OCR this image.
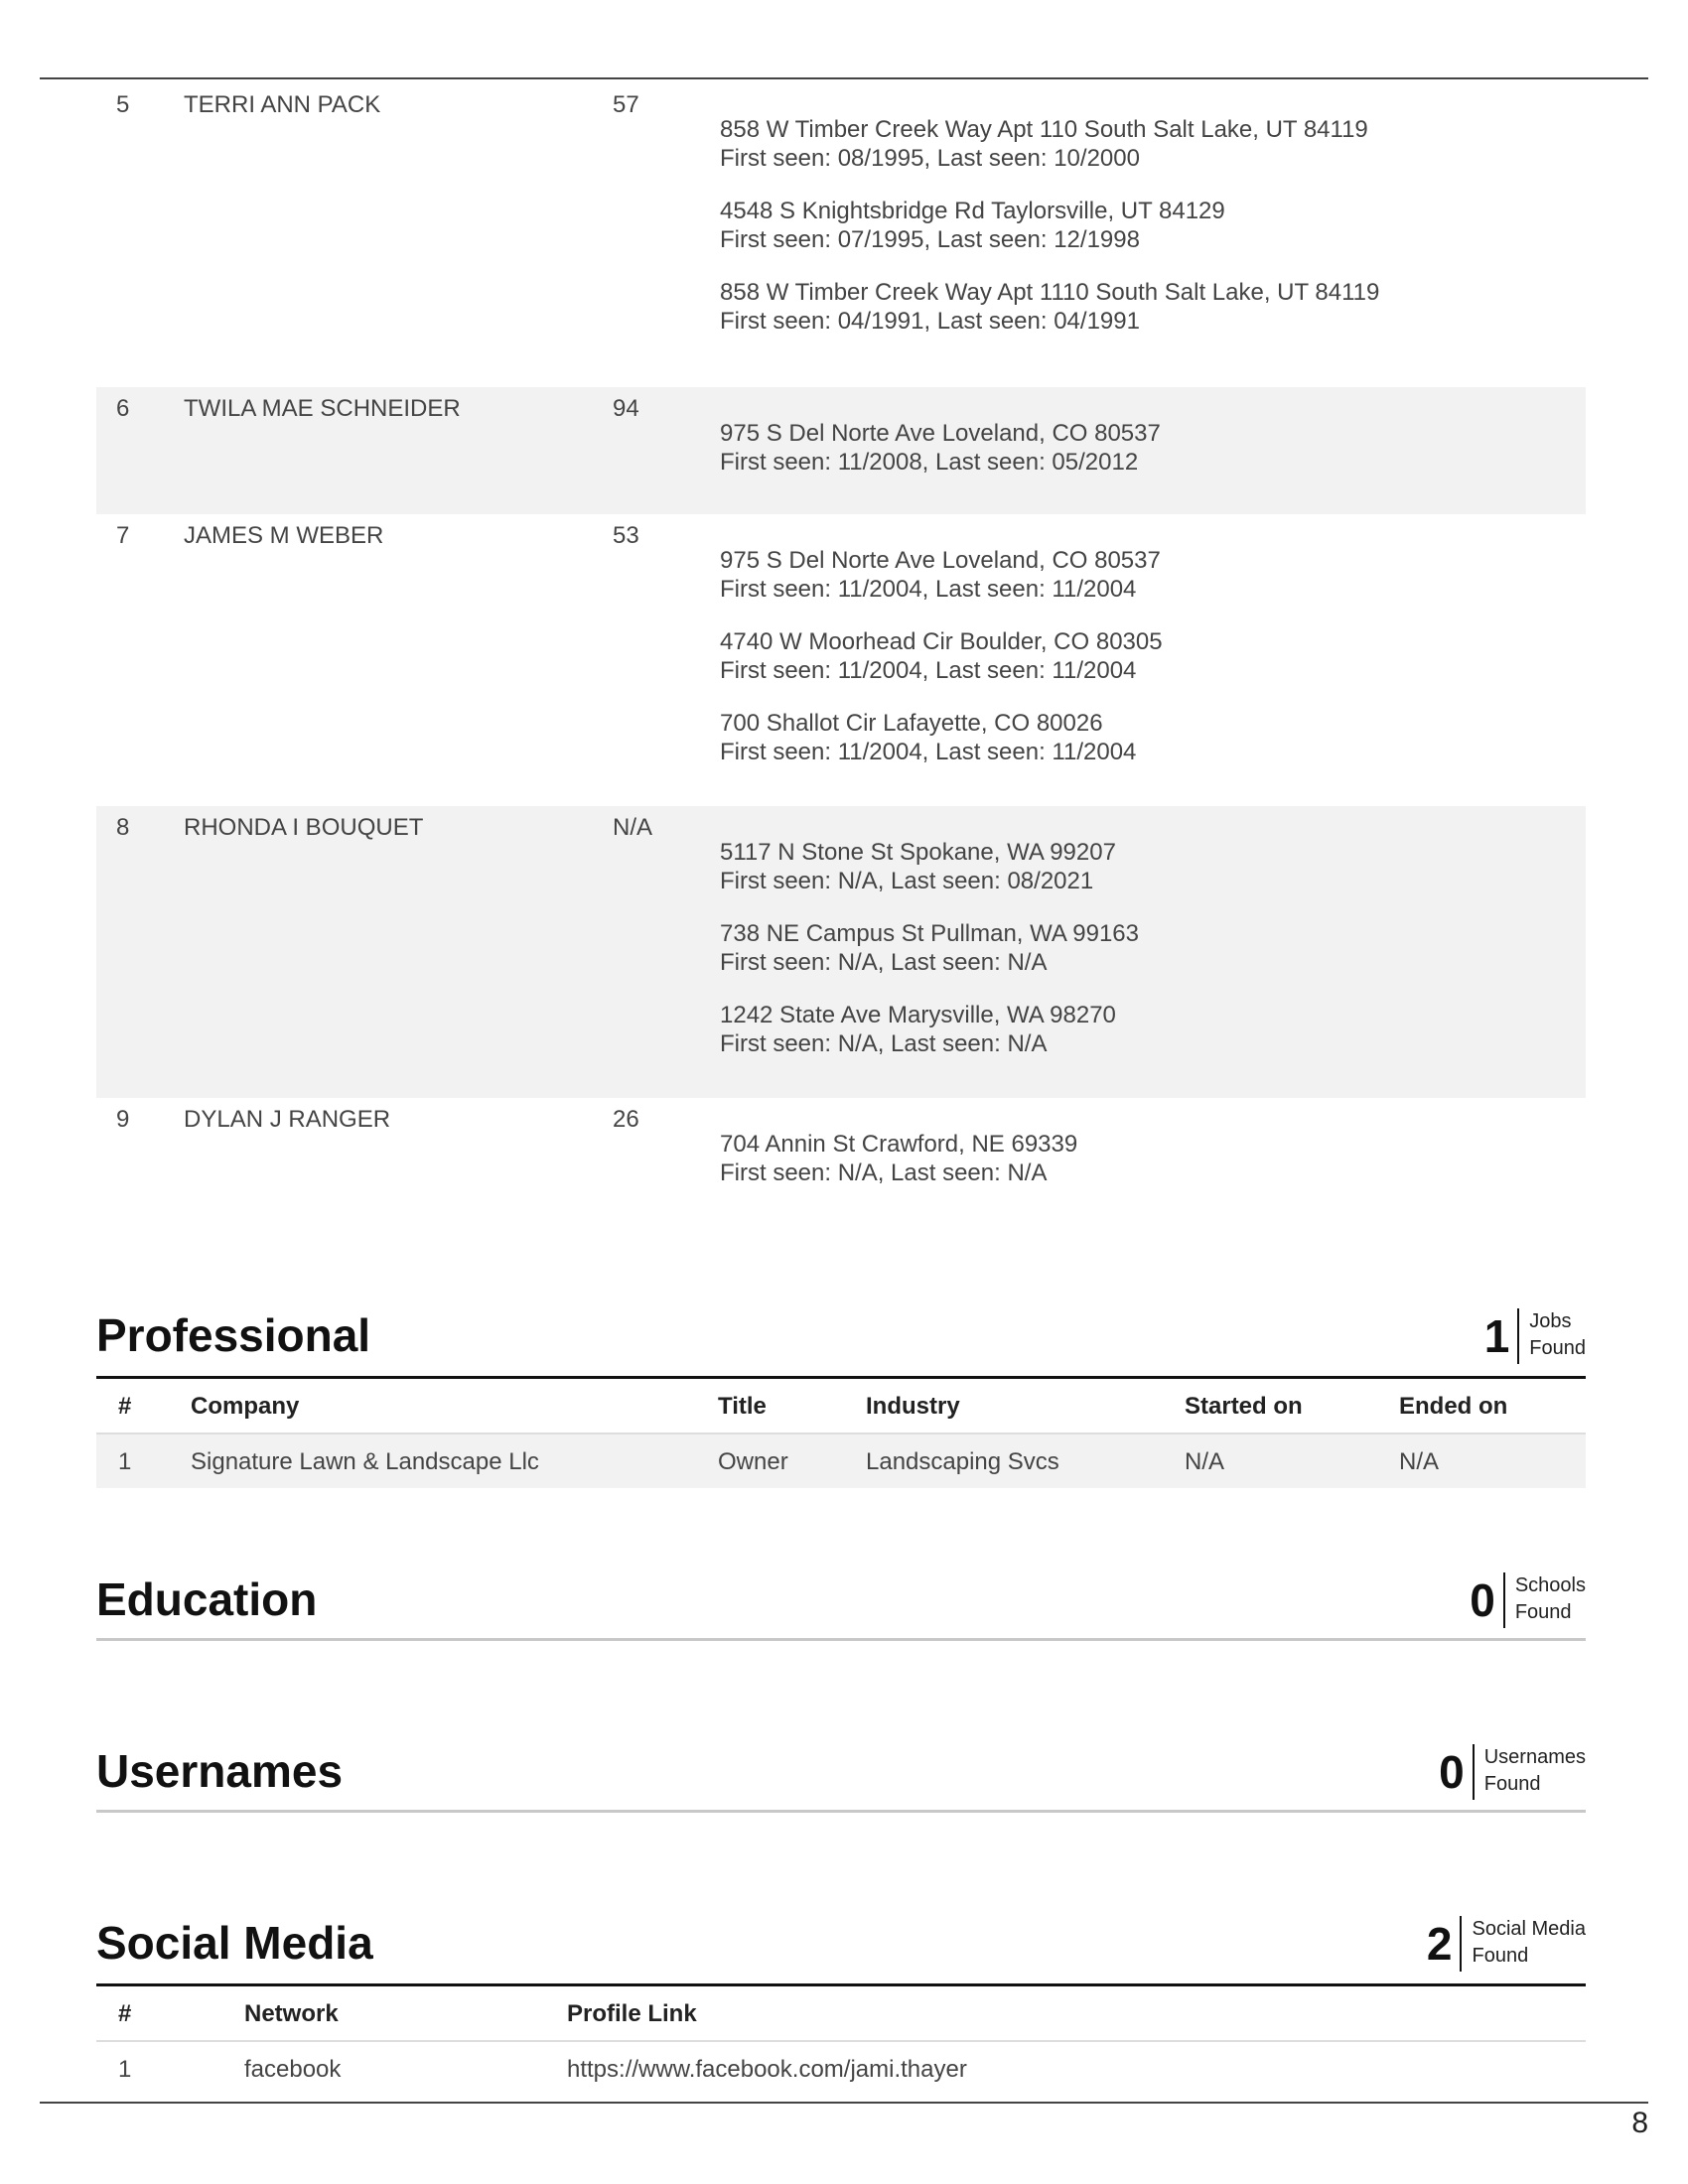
5 TERRI ANN PACK	57
858 W Timber Creek Way Apt 110 South Salt Lake, UT 84119
First seen: 08/1995, Last seen: 10/2000
4548 S Knightsbridge Rd Taylorsville, UT 84129
First seen: 07/1995, Last seen: 12/1998
858 W Timber Creek Way Apt 1110 South Salt Lake, UT 84119
First seen: 04/1991, Last seen: 04/1991
6 TWILA MAE SCHNEIDER	94
975 S Del Norte Ave Loveland, CO 80537
First seen: 11/2008, Last seen: 05/2012
7 JAMES M WEBER	53
975 S Del Norte Ave Loveland, CO 80537
First seen: 11/2004, Last seen: 11/2004
4740 W Moorhead Cir Boulder, CO 80305
First seen: 11/2004, Last seen: 11/2004
700 Shallot Cir Lafayette, CO 80026
First seen: 11/2004, Last seen: 11/2004
8 RHONDA I BOUQUET	N/A
5117 N Stone St Spokane, WA 99207
First seen: N/A, Last seen: 08/2021
738 NE Campus St Pullman, WA 99163
First seen: N/A, Last seen: N/A
1242 State Ave Marysville, WA 98270
First seen: N/A, Last seen: N/A
9 DYLAN J RANGER	26
704 Annin St Crawford, NE 69339
First seen: N/A, Last seen: N/A
Professional	1	Jobs
Found
# Company	Title	Industry	Started on	Ended on
1 Signature Lawn & Landscape Llc	Owner	Landscaping Svcs	N/A	N/A
Education	0	Schools
Found
Usernames	0	Usernames
Found
Social Media	2	Social Media
Found
#	Network	Profile Link
1	facebook	https://www.facebook.com/jami.thayer
8
